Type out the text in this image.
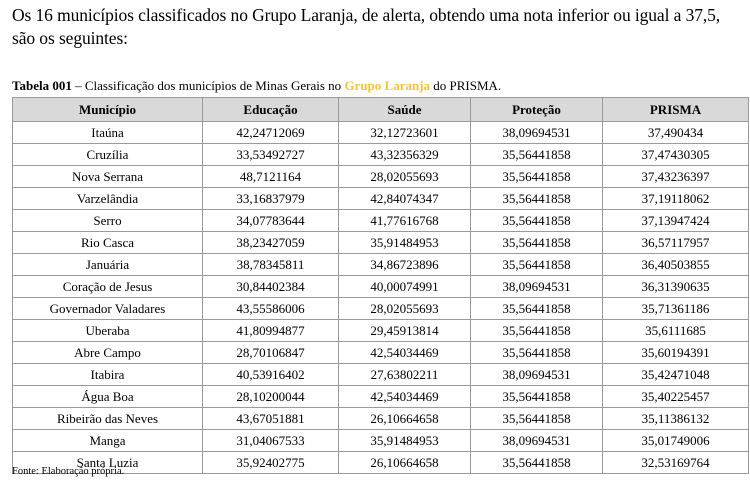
Os 16 municípios classificados no Grupo Laranja, de alerta, obtendo uma nota inferior ou igual a 37,5, são os seguintes:
Tabela 001 – Classificação dos municípios de Minas Gerais no Grupo Laranja do PRISMA.
Município	Educação	Saúde	Proteção	PRISMA
Itaúna	42,24712069	32,12723601	38,09694531	37,490434
Cruzília	33,53492727	43,32356329	35,56441858	37,47430305
Nova Serrana	48,7121164	28,02055693	35,56441858	37,43236397
Varzelândia	33,16837979	42,84074347	35,56441858	37,19118062
Serro	34,07783644	41,77616768	35,56441858	37,13947424
Rio Casca	38,23427059	35,91484953	35,56441858	36,57117957
Januária	38,78345811	34,86723896	35,56441858	36,40503855
Coração de Jesus	30,84402384	40,00074991	38,09694531	36,31390635
Governador Valadares	43,55586006	28,02055693	35,56441858	35,71361186
Uberaba	41,80994877	29,45913814	35,56441858	35,6111685
Abre Campo	28,70106847	42,54034469	35,56441858	35,60194391
Itabira	40,53916402	27,63802211	38,09694531	35,42471048
Água Boa	28,10200044	42,54034469	35,56441858	35,40225457
Ribeirão das Neves	43,67051881	26,10664658	35,56441858	35,11386132
Manga	31,04067533	35,91484953	38,09694531	35,01749006
Santa Luzia	35,92402775	26,10664658	35,56441858	32,53169764
Fonte: Elaboração própria.
